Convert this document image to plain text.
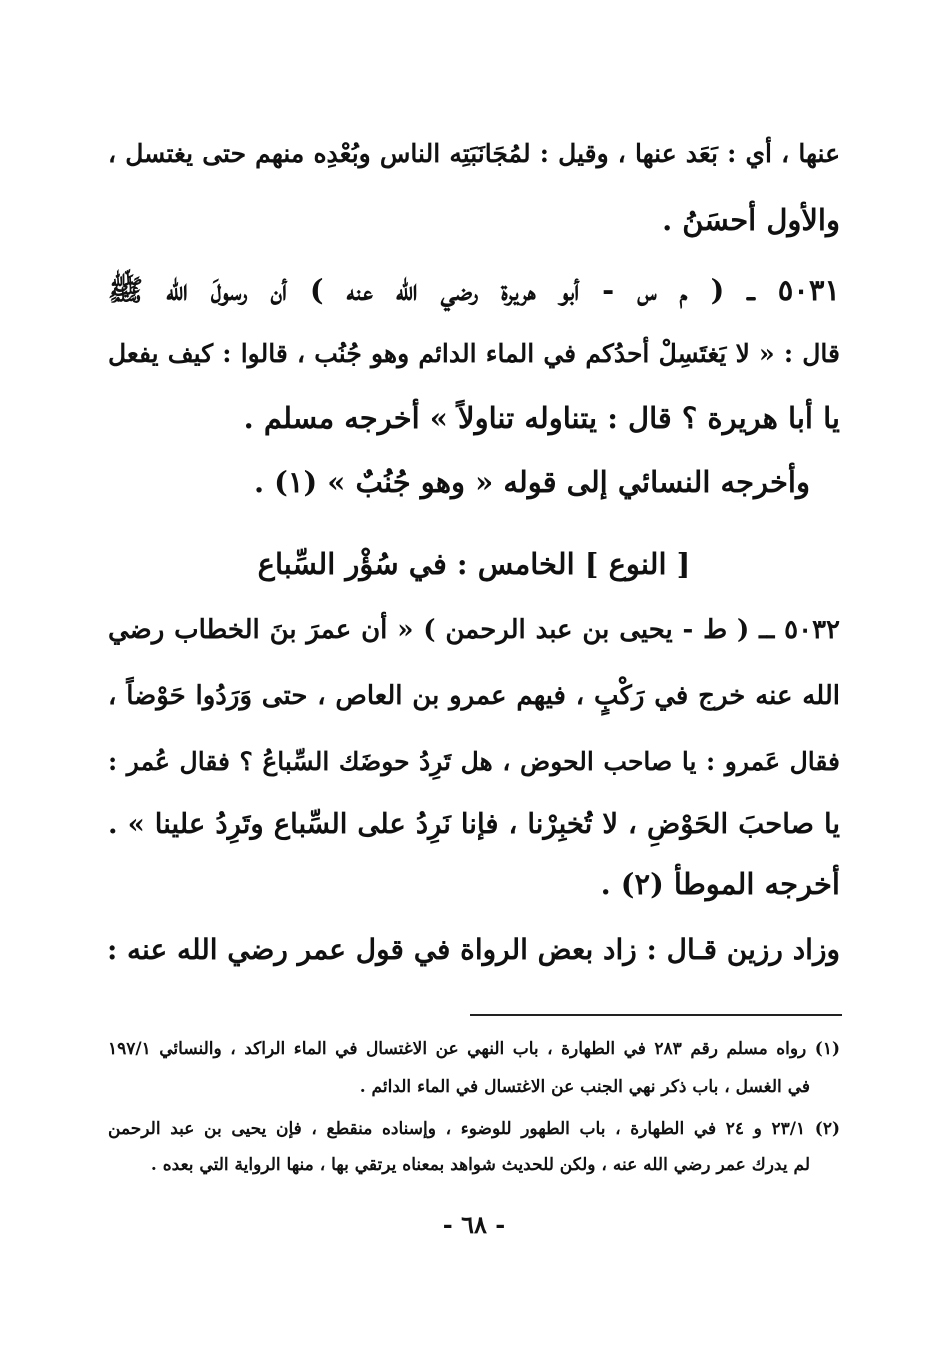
عنها ، أي : بَعَد عنها ، وقيل : لمُجَانَبَتِه الناس وبُعْدِه منهم حتى يغتسل ،
والأول أحسَنُ .
٥٠٣١ ــ ( م س - أبو هريرة رضي الله عنه ) أن رسولَ الله ﷺ
قال : « لا يَغتَسِلْ أحدُكم في الماء الدائم وهو جُنُب ، قالوا : كيف يفعل
يا أبا هريرة ؟ قال : يتناوله تناولاً » أخرجه مسلم .
وأخرجه النسائي إلى قوله « وهو جُنُبٌ » (١) .
[ النوع ] الخامس : في سُؤْر السِّباع
٥٠٣٢ ــ ( ط - يحيى بن عبد الرحمن ) « أن عمرَ بنَ الخطاب رضي
الله عنه خرج في رَكْبٍ ، فيهم عمرو بن العاص ، حتى وَرَدُوا حَوْضاً ،
فقال عَمرو : يا صاحب الحوض ، هل تَرِدُ حوضَك السِّباعُ ؟ فقال عُمر :
يا صاحبَ الحَوْضِ ، لا تُخبِرْنا ، فإنا نَرِدُ على السِّباع وتَرِدُ علينا » .
أخرجه الموطأ (٢) .
وزاد رزين قـال : زاد بعض الرواة في قول عمر رضي الله عنه :
(١) رواه مسلم رقم ٢٨٣ في الطهارة ، باب النهي عن الاغتسال في الماء الراكد ، والنسائي ١٩٧/١
في الغسل ، باب ذكر نهي الجنب عن الاغتسال في الماء الدائم .
(٢) ٢٣/١ و ٢٤ في الطهارة ، باب الطهور للوضوء ، وإسناده منقطع ، فإن يحيى بن عبد الرحمن
لم يدرك عمر رضي الله عنه ، ولكن للحديث شواهد بمعناه يرتقي بها ، منها الرواية التي بعده .
- ٦٨ -
